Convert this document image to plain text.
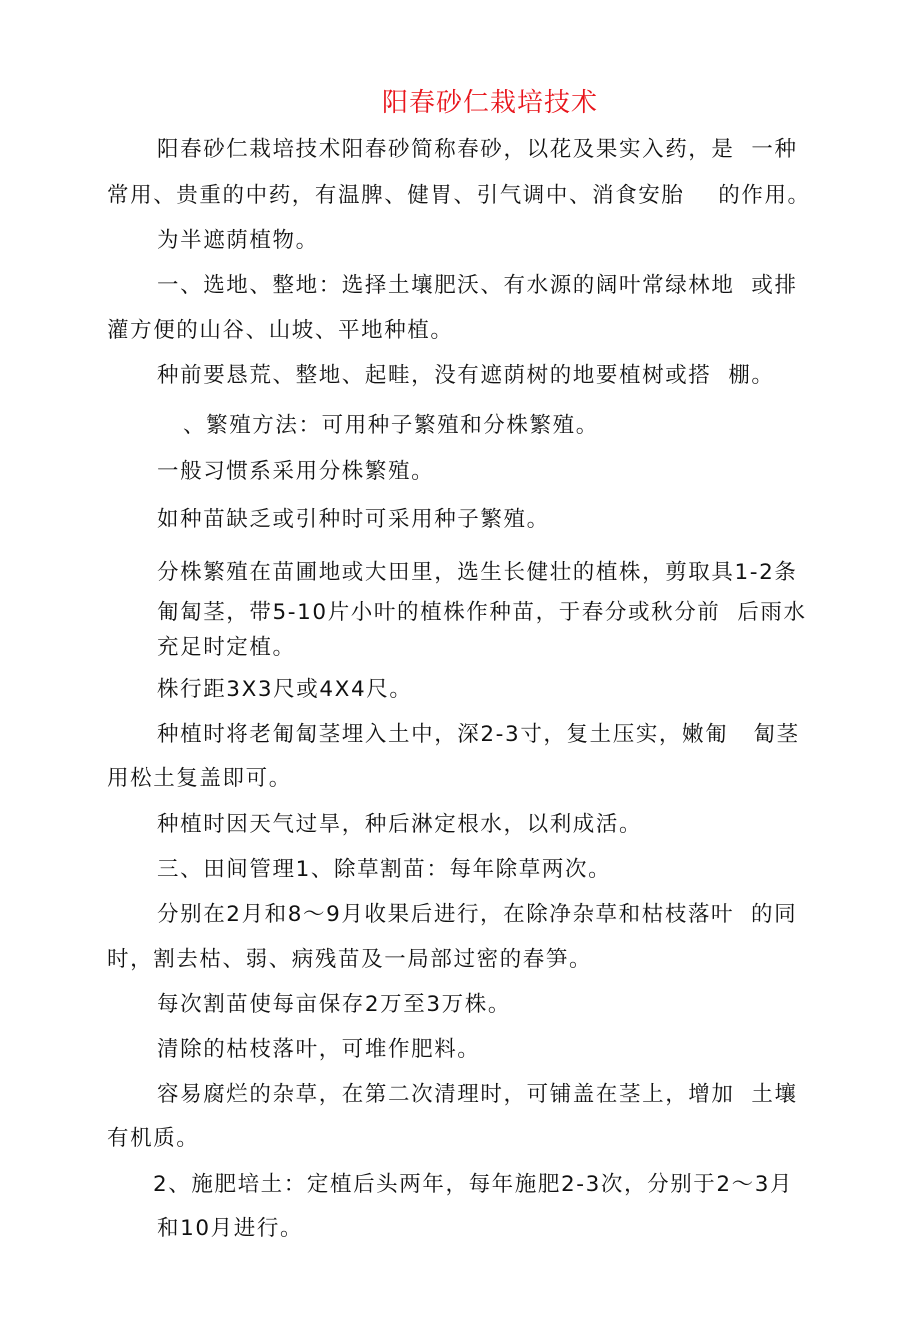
阳春砂仁栽培技术
阳春砂仁栽培技术阳春砂简称春砂，以花及果实入药，是  一种
常用、贵重的中药，有温脾、健胃、引气调中、消食安胎    的作用。
为半遮荫植物。
一、选地、整地：选择土壤肥沃、有水源的阔叶常绿林地  或排
灌方便的山谷、山坡、平地种植。
种前要恳荒、整地、起畦，没有遮荫树的地要植树或搭  棚。
、繁殖方法：可用种子繁殖和分株繁殖。
一般习惯系采用分株繁殖。
如种苗缺乏或引种时可采用种子繁殖。
分株繁殖在苗圃地或大田里，选生长健壮的植株，剪取具1-2条
匍匐茎，带5-10片小叶的植株作种苗，于春分或秋分前  后雨水
充足时定植。
株行距3X3尺或4X4尺。
种植时将老匍匐茎埋入土中，深2-3寸，复土压实，嫩匍   匐茎
用松土复盖即可。
种植时因天气过旱，种后淋定根水，以利成活。
三、田间管理1、除草割苗：每年除草两次。
分别在2月和8〜9月收果后进行，在除净杂草和枯枝落叶  的同
时，割去枯、弱、病残苗及一局部过密的春笋。
每次割苗使每亩保存2万至3万株。
清除的枯枝落叶，可堆作肥料。
容易腐烂的杂草，在第二次清理时，可铺盖在茎上，增加  土壤
有机质。
2、施肥培土：定植后头两年，每年施肥2-3次，分别于2〜3月
和10月进行。
